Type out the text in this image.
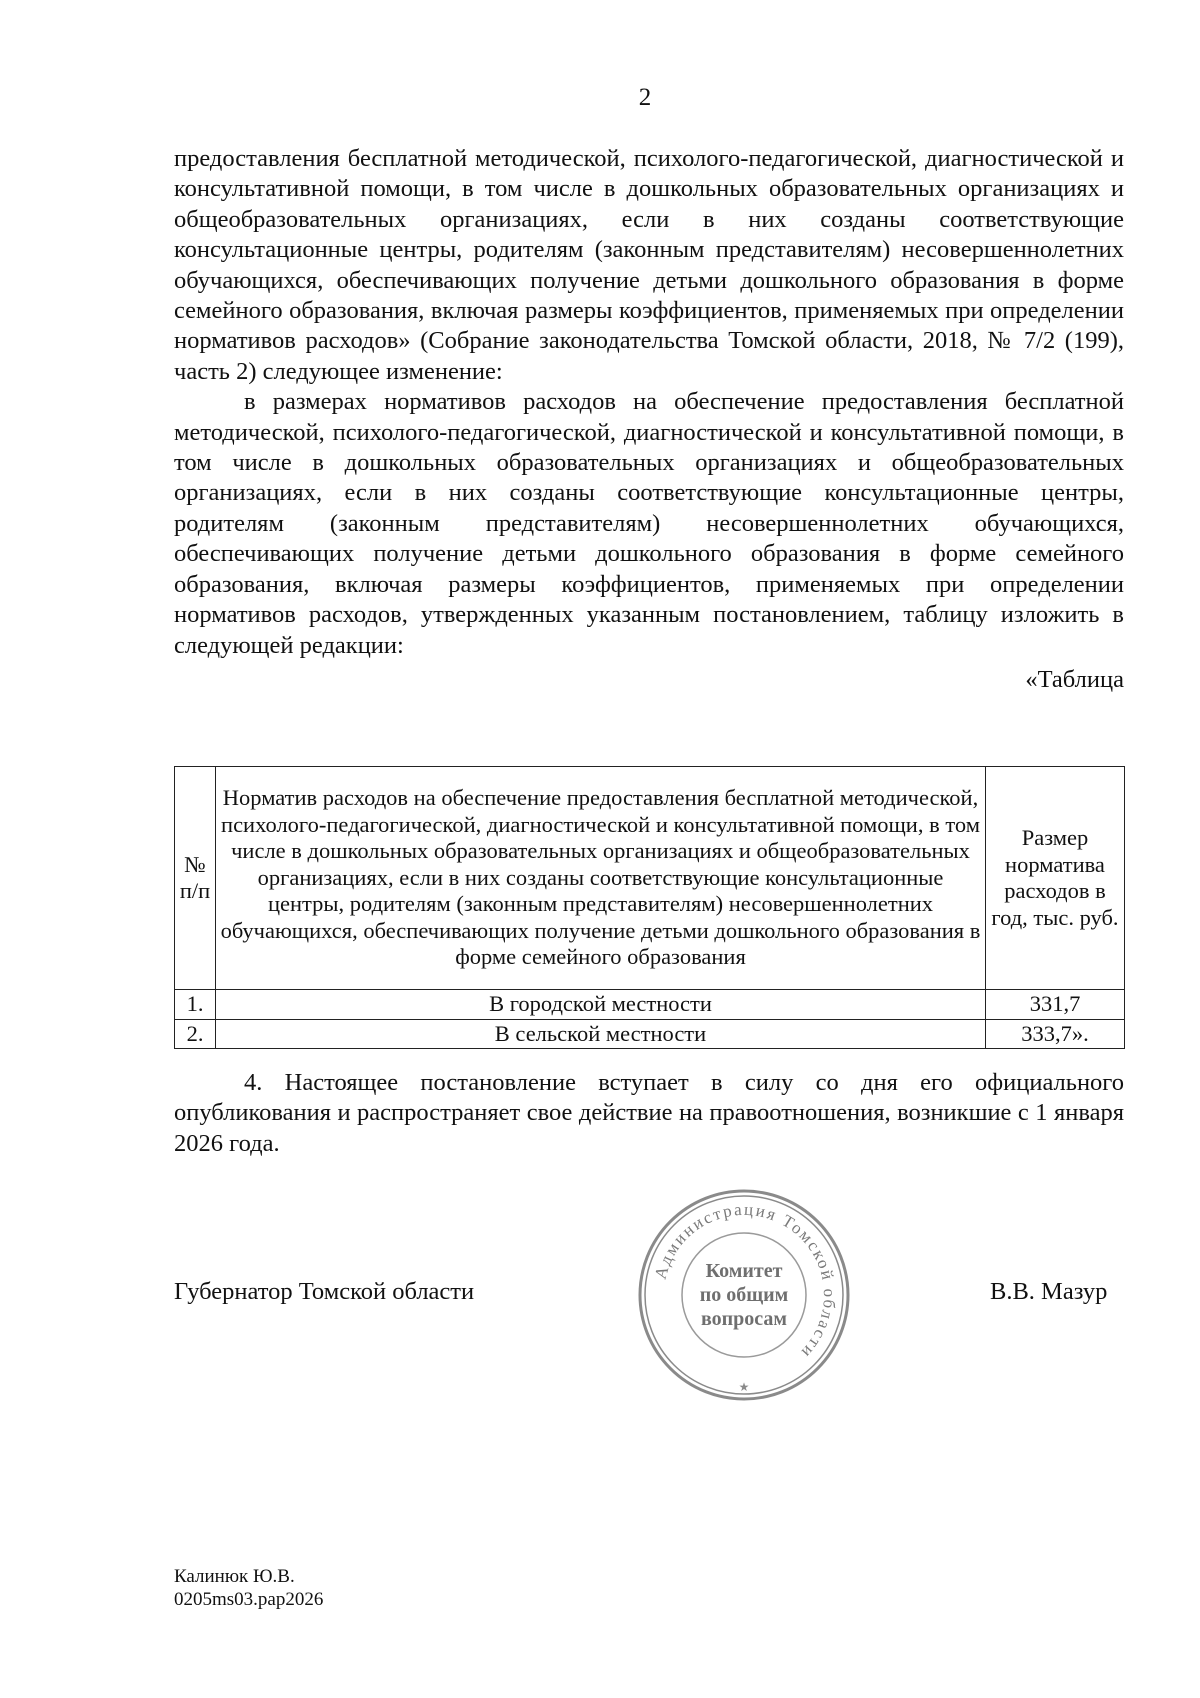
2

предоставления бесплатной методической, психолого-педагогической, диагностической и консультативной помощи, в том числе в дошкольных образовательных организациях и общеобразовательных организациях, если в них созданы соответствующие консультационные центры, родителям (законным представителям) несовершеннолетних обучающихся, обеспечивающих получение детьми дошкольного образования в форме семейного образования, включая размеры коэффициентов, применяемых при определении нормативов расходов» (Собрание законодательства Томской области, 2018, № 7/2 (199), часть 2) следующее изменение:

в размерах нормативов расходов на обеспечение предоставления бесплатной методической, психолого-педагогической, диагностической и консультативной помощи, в том числе в дошкольных образовательных организациях и общеобразовательных организациях, если в них созданы соответствующие консультационные центры, родителям (законным представителям) несовершеннолетних обучающихся, обеспечивающих получение детьми дошкольного образования в форме семейного образования, включая размеры коэффициентов, применяемых при определении нормативов расходов, утвержденных указанным постановлением, таблицу изложить в следующей редакции:

«Таблица

№ п/п	Норматив расходов на обеспечение предоставления бесплатной методической, психолого-педагогической, диагностической и консультативной помощи, в том числе в дошкольных образовательных организациях и общеобразовательных организациях, если в них созданы соответствующие консультационные центры, родителям (законным представителям) несовершеннолетних обучающихся, обеспечивающих получение детьми дошкольного образования в форме семейного образования	Размер норматива расходов в год, тыс. руб.
1.	В городской местности	331,7
2.	В сельской местности	333,7».

4. Настоящее постановление вступает в силу со дня его официального опубликования и распространяет свое действие на правоотношения, возникшие с 1 января 2026 года.

Губернатор Томской области
Администрация Томской области
Комитет
по общим
вопросам
★
В.В. Мазур
Калинюк Ю.В.
0205ms03.pap2026
